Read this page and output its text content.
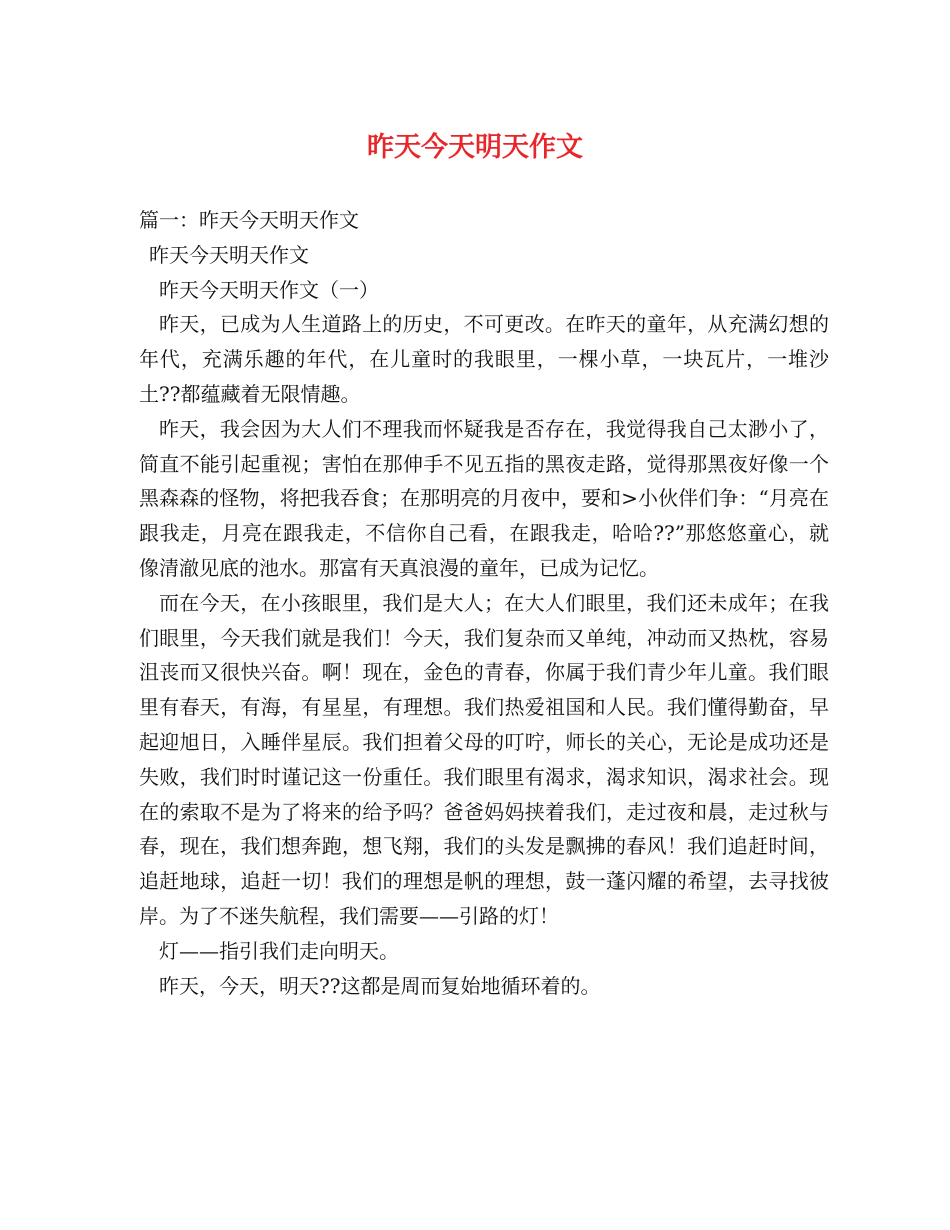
昨天今天明天作文

篇一：昨天今天明天作文

昨天今天明天作文

昨天今天明天作文（一）

昨天，已成为人生道路上的历史，不可更改。在昨天的童年，从充满幻想的年代，充满乐趣的年代，在儿童时的我眼里，一棵小草，一块瓦片，一堆沙土??都蕴藏着无限情趣。

昨天，我会因为大人们不理我而怀疑我是否存在，我觉得我自己太渺小了，简直不能引起重视；害怕在那伸手不见五指的黑夜走路，觉得那黑夜好像一个黑森森的怪物，将把我吞食；在那明亮的月夜中，要和>小伙伴们争：“月亮在跟我走，月亮在跟我走，不信你自己看，在跟我走，哈哈??”那悠悠童心，就像清澈见底的池水。那富有天真浪漫的童年，已成为记忆。

而在今天，在小孩眼里，我们是大人；在大人们眼里，我们还未成年；在我们眼里，今天我们就是我们！今天，我们复杂而又单纯，冲动而又热枕，容易沮丧而又很快兴奋。啊！现在，金色的青春，你属于我们青少年儿童。我们眼里有春天，有海，有星星，有理想。我们热爱祖国和人民。我们懂得勤奋，早起迎旭日，入睡伴星辰。我们担着父母的叮咛，师长的关心，无论是成功还是失败，我们时时谨记这一份重任。我们眼里有渴求，渴求知识，渴求社会。现在的索取不是为了将来的给予吗？爸爸妈妈挟着我们，走过夜和晨，走过秋与春，现在，我们想奔跑，想飞翔，我们的头发是飘拂的春风！我们追赶时间，追赶地球，追赶一切！我们的理想是帆的理想，鼓一蓬闪耀的希望，去寻找彼岸。为了不迷失航程，我们需要——引路的灯！

灯——指引我们走向明天。

昨天，今天，明天??这都是周而复始地循环着的。
